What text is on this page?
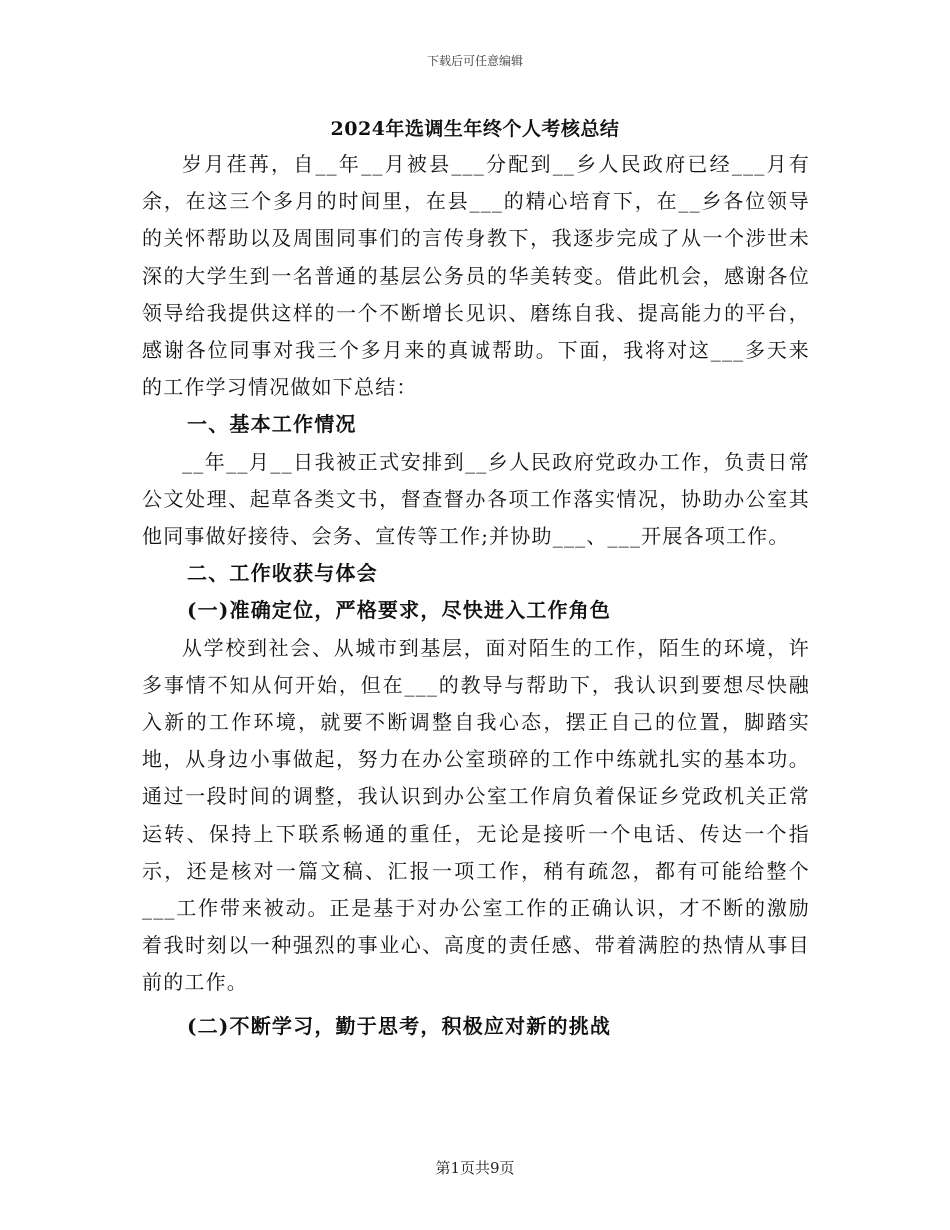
下载后可任意编辑
2024年选调生年终个人考核总结

岁月荏苒，自__年__月被县___分配到__乡人民政府已经___月有余，在这三个多月的时间里，在县___的精心培育下，在__乡各位领导的关怀帮助以及周围同事们的言传身教下，我逐步完成了从一个涉世未深的大学生到一名普通的基层公务员的华美转变。借此机会，感谢各位领导给我提供这样的一个不断增长见识、磨练自我、提高能力的平台，感谢各位同事对我三个多月来的真诚帮助。下面，我将对这___多天来的工作学习情况做如下总结：

一、基本工作情况

__年__月__日我被正式安排到__乡人民政府党政办工作，负责日常公文处理、起草各类文书，督查督办各项工作落实情况，协助办公室其他同事做好接待、会务、宣传等工作;并协助___、___开展各项工作。

二、工作收获与体会
(一)准确定位，严格要求，尽快进入工作角色

从学校到社会、从城市到基层，面对陌生的工作，陌生的环境，许多事情不知从何开始，但在___的教导与帮助下，我认识到要想尽快融入新的工作环境，就要不断调整自我心态，摆正自己的位置，脚踏实地，从身边小事做起，努力在办公室琐碎的工作中练就扎实的基本功。通过一段时间的调整，我认识到办公室工作肩负着保证乡党政机关正常运转、保持上下联系畅通的重任，无论是接听一个电话、传达一个指示，还是核对一篇文稿、汇报一项工作，稍有疏忽，都有可能给整个___工作带来被动。正是基于对办公室工作的正确认识，才不断的激励着我时刻以一种强烈的事业心、高度的责任感、带着满腔的热情从事目前的工作。

(二)不断学习，勤于思考，积极应对新的挑战
第1页共9页
